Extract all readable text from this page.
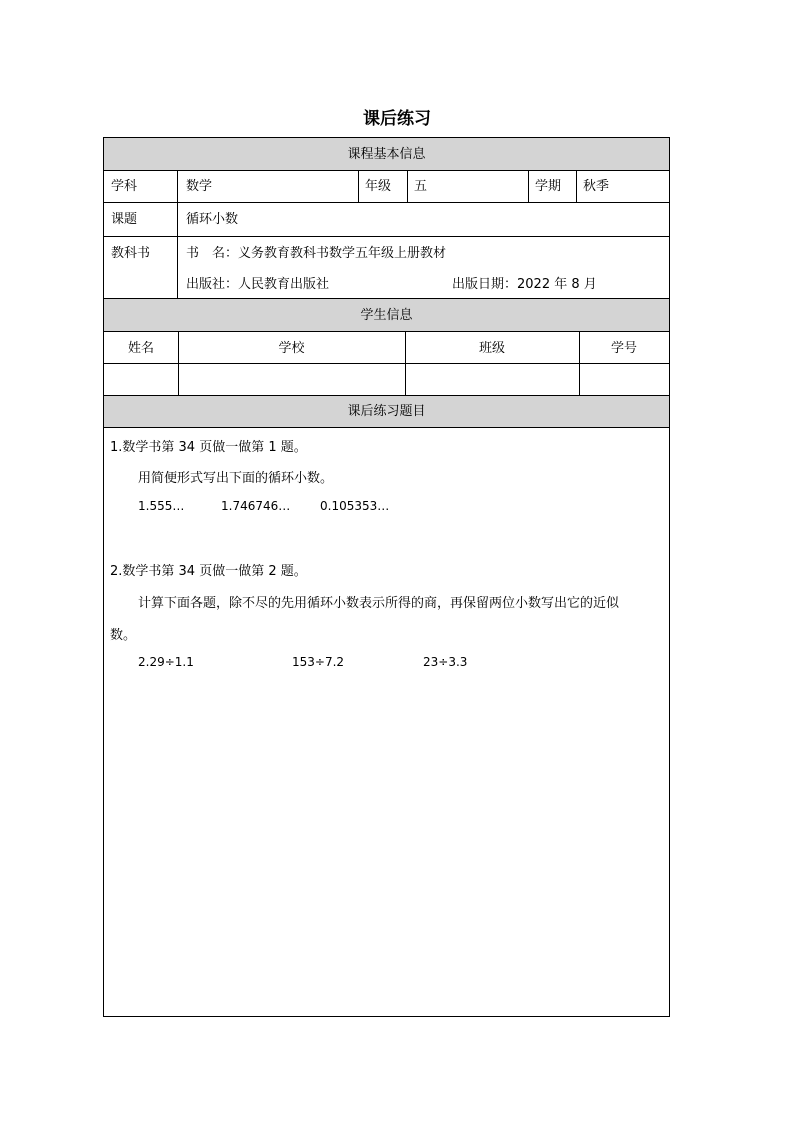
课后练习
课程基本信息
学科	数学	年级 五	学期 秋季
课题	循环小数
教科书	书　名：义务教育教科书数学五年级上册教材
出版社：人民教育出版社	出版日期：2022 年 8 月
学生信息
姓名	学校	班级	学号
课后练习题目
1.数学书第 34 页做一做第 1 题。
用简便形式写出下面的循环小数。
1.555…	1.746746… 0.105353…
2.数学书第 34 页做一做第 2 题。
计算下面各题，除不尽的先用循环小数表示所得的商，再保留两位小数写出它的近似
数。
2.29÷1.1	153÷7.2	23÷3.3
